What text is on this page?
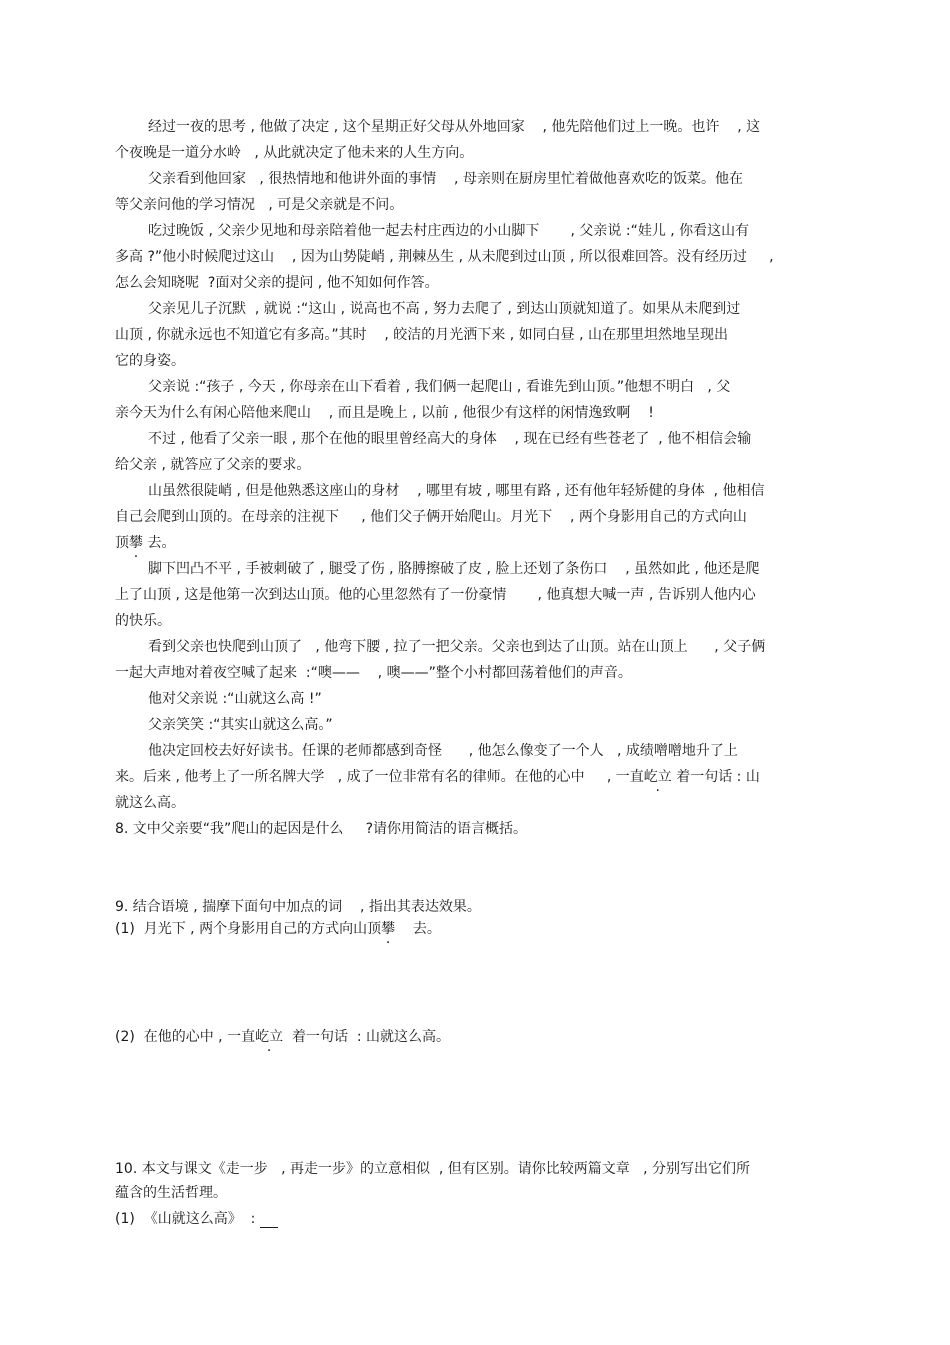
经过一夜的思考 , 他做了决定 , 这个星期正好父母从外地回家    , 他先陪他们过上一晚。也许    , 这
个夜晚是一道分水岭   , 从此就决定了他未来的人生方向。
父亲看到他回家   , 很热情地和他讲外面的事情    , 母亲则在厨房里忙着做他喜欢吃的饭菜。他在
等父亲问他的学习情况   , 可是父亲就是不问。
吃过晚饭 , 父亲少见地和母亲陪着他一起去村庄西边的小山脚下       , 父亲说 :“娃儿 , 你看这山有
多高 ?”他小时候爬过这山    , 因为山势陡峭 , 荆棘丛生 , 从未爬到过山顶 , 所以很难回答。没有经历过     ,
怎么会知晓呢  ?面对父亲的提问 , 他不知如何作答。
父亲见儿子沉默  , 就说 :“这山 , 说高也不高 , 努力去爬了 , 到达山顶就知道了。如果从未爬到过
山顶 , 你就永远也不知道它有多高。”其时    , 皎洁的月光洒下来 , 如同白昼 , 山在那里坦然地呈现出
它的身姿。
父亲说 :“孩子 , 今天 , 你母亲在山下看着 , 我们俩一起爬山 , 看谁先到山顶。”他想不明白   , 父
亲今天为什么有闲心陪他来爬山    , 而且是晚上 , 以前 , 他很少有这样的闲情逸致啊    !
不过 , 他看了父亲一眼 , 那个在他的眼里曾经高大的身体    , 现在已经有些苍老了  , 他不相信会输
给父亲 , 就答应了父亲的要求。
山虽然很陡峭 , 但是他熟悉这座山的身材    , 哪里有坡 , 哪里有路 , 还有他年轻矫健的身体  , 他相信
自己会爬到山顶的。在母亲的注视下     , 他们父子俩开始爬山。月光下    , 两个身影用自己的方式向山
顶攀 去。
脚下凹凸不平 , 手被刺破了 , 腿受了伤 , 胳膊擦破了皮 , 脸上还划了条伤口    , 虽然如此 , 他还是爬
上了山顶 , 这是他第一次到达山顶。他的心里忽然有了一份豪情       , 他真想大喊一声 , 告诉别人他内心
的快乐。
看到父亲也快爬到山顶了   , 他弯下腰 , 拉了一把父亲。父亲也到达了山顶。站在山顶上      , 父子俩
一起大声地对着夜空喊了起来  :“噢——    , 噢——”整个小村都回荡着他们的声音。
他对父亲说 :“山就这么高 !”
父亲笑笑 :“其实山就这么高。”
他决定回校去好好读书。任课的老师都感到奇怪      , 他怎么像变了一个人   , 成绩噌噌地升了上
来。后来 , 他考上了一所名牌大学   , 成了一位非常有名的律师。在他的心中     , 一直屹立 着一句话 : 山
就这么高。
8. 文中父亲要“我”爬山的起因是什么     ?请你用简洁的语言概括。
9. 结合语境 , 揣摩下面句中加点的词    , 指出其表达效果。
(1)  月光下 , 两个身影用自己的方式向山顶攀    去。
(2)  在他的心中 , 一直屹立  着一句话  : 山就这么高。
10. 本文与课文《走一步   , 再走一步》的立意相似  , 但有区别。请你比较两篇文章   , 分别写出它们所
蕴含的生活哲理。
(1)  《山就这么高》  :
